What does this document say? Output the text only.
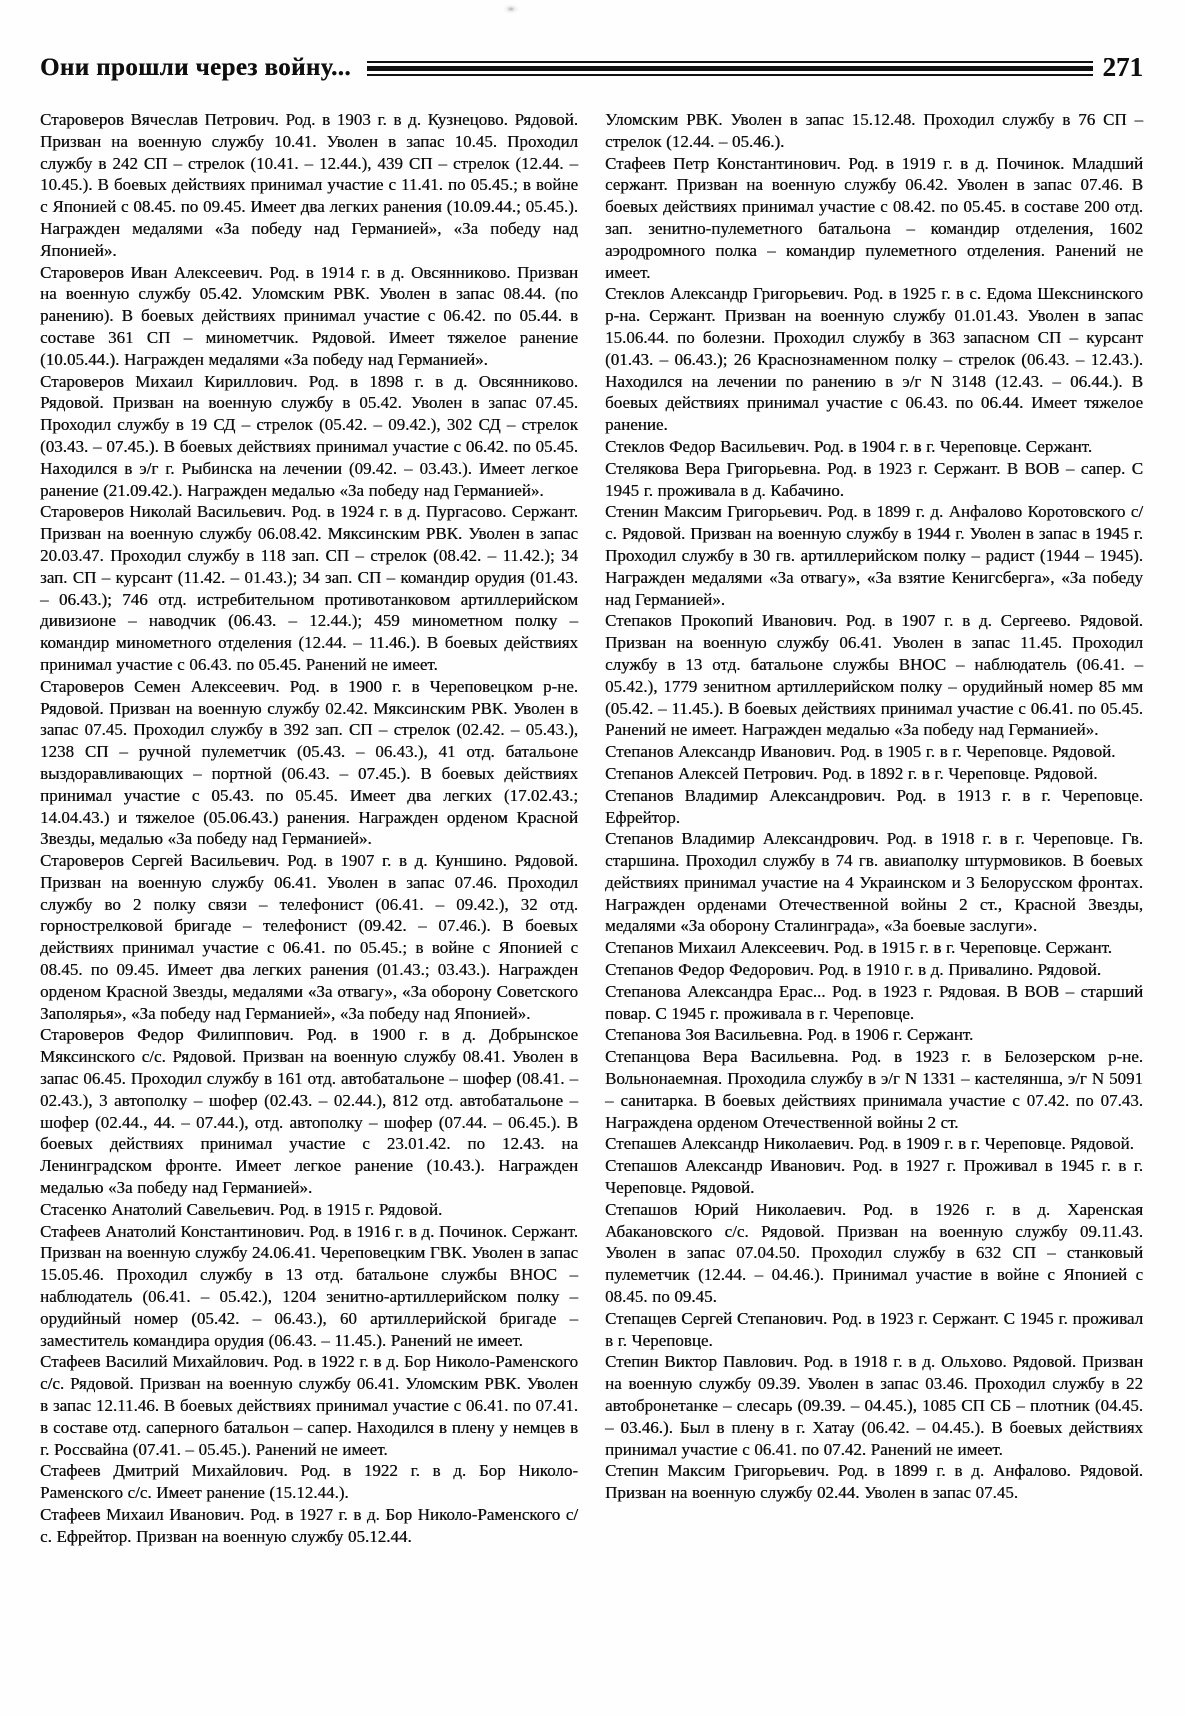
Они прошли через войну...	271

Староверов Вячеслав Петрович. Род. в 1903 г. в д. Кузнецово. Рядовой. Призван на военную службу 10.41. Уволен в запас 10.45. Проходил службу в 242 СП – стрелок (10.41. – 12.44.), 439 СП – стрелок (12.44. – 10.45.). В боевых действиях принимал участие с 11.41. по 05.45.; в войне с Японией с 08.45. по 09.45. Имеет два легких ранения (10.09.44.; 05.45.). Награжден медалями «За победу над Германией», «За победу над Японией».

Староверов Иван Алексеевич. Род. в 1914 г. в д. Овсянниково. Призван на военную службу 05.42. Уломским РВК. Уволен в запас 08.44. (по ранению). В боевых действиях принимал участие с 06.42. по 05.44. в составе 361 СП – минометчик. Рядовой. Имеет тяжелое ранение (10.05.44.). Награжден медалями «За победу над Германией».

Староверов Михаил Кириллович. Род. в 1898 г. в д. Овсянниково. Рядовой. Призван на военную службу в 05.42. Уволен в запас 07.45. Проходил службу в 19 СД – стрелок (05.42. – 09.42.), 302 СД – стрелок (03.43. – 07.45.). В боевых действиях принимал участие с 06.42. по 05.45. Находился в э/г г. Рыбинска на лечении (09.42. – 03.43.). Имеет легкое ранение (21.09.42.). Награжден медалью «За победу над Германией».

Староверов Николай Васильевич. Род. в 1924 г. в д. Пургасово. Сержант. Призван на военную службу 06.08.42. Мяксинским РВК. Уволен в запас 20.03.47. Проходил службу в 118 зап. СП – стрелок (08.42. – 11.42.); 34 зап. СП – курсант (11.42. – 01.43.); 34 зап. СП – командир орудия (01.43. – 06.43.); 746 отд. истребительном противотанковом артиллерийском дивизионе – наводчик (06.43. – 12.44.); 459 минометном полку – командир минометного отделения (12.44. – 11.46.). В боевых действиях принимал участие с 06.43. по 05.45. Ранений не имеет.

Староверов Семен Алексеевич. Род. в 1900 г. в Череповецком р-не. Рядовой. Призван на военную службу 02.42. Мяксинским РВК. Уволен в запас 07.45. Проходил службу в 392 зап. СП – стрелок (02.42. – 05.43.), 1238 СП – ручной пулеметчик (05.43. – 06.43.), 41 отд. батальоне выздоравливающих – портной (06.43. – 07.45.). В боевых действиях принимал участие с 05.43. по 05.45. Имеет два легких (17.02.43.; 14.04.43.) и тяжелое (05.06.43.) ранения. Награжден орденом Красной Звезды, медалью «За победу над Германией».

Староверов Сергей Васильевич. Род. в 1907 г. в д. Куншино. Рядовой. Призван на военную службу 06.41. Уволен в запас 07.46. Проходил службу во 2 полку связи – телефонист (06.41. – 09.42.), 32 отд. горнострелковой бригаде – телефонист (09.42. – 07.46.). В боевых действиях принимал участие с 06.41. по 05.45.; в войне с Японией с 08.45. по 09.45. Имеет два легких ранения (01.43.; 03.43.). Награжден орденом Красной Звезды, медалями «За отвагу», «За оборону Советского Заполярья», «За победу над Германией», «За победу над Японией».

Староверов Федор Филиппович. Род. в 1900 г. в д. Добрынское Мяксинского с/с. Рядовой. Призван на военную службу 08.41. Уволен в запас 06.45. Проходил службу в 161 отд. автобатальоне – шофер (08.41. – 02.43.), 3 автополку – шофер (02.43. – 02.44.), 812 отд. автобатальоне – шофер (02.44., 44. – 07.44.), отд. автополку – шофер (07.44. – 06.45.). В боевых действиях принимал участие с 23.01.42. по 12.43. на Ленинградском фронте. Имеет легкое ранение (10.43.). Награжден медалью «За победу над Германией».

Стасенко Анатолий Савельевич. Род. в 1915 г. Рядовой.

Стафеев Анатолий Константинович. Род. в 1916 г. в д. Починок. Сержант. Призван на военную службу 24.06.41. Череповецким ГВК. Уволен в запас 15.05.46. Проходил службу в 13 отд. батальоне службы ВНОС – наблюдатель (06.41. – 05.42.), 1204 зенитно-артиллерийском полку – орудийный номер (05.42. – 06.43.), 60 артиллерийской бригаде – заместитель командира орудия (06.43. – 11.45.). Ранений не имеет.

Стафеев Василий Михайлович. Род. в 1922 г. в д. Бор Николо-Раменского с/с. Рядовой. Призван на военную службу 06.41. Уломским РВК. Уволен в запас 12.11.46. В боевых действиях принимал участие с 06.41. по 07.41. в составе отд. саперного батальон – сапер. Находился в плену у немцев в г. Россвайна (07.41. – 05.45.). Ранений не имеет.

Стафеев Дмитрий Михайлович. Род. в 1922 г. в д. Бор Николо-Раменского с/с. Имеет ранение (15.12.44.).

Стафеев Михаил Иванович. Род. в 1927 г. в д. Бор Николо-Раменского с/с. Ефрейтор. Призван на военную службу 05.12.44.

Уломским РВК. Уволен в запас 15.12.48. Проходил службу в 76 СП – стрелок (12.44. – 05.46.).

Стафеев Петр Константинович. Род. в 1919 г. в д. Починок. Младший сержант. Призван на военную службу 06.42. Уволен в запас 07.46. В боевых действиях принимал участие с 08.42. по 05.45. в составе 200 отд. зап. зенитно-пулеметного батальона – командир отделения, 1602 аэродромного полка – командир пулеметного отделения. Ранений не имеет.

Стеклов Александр Григорьевич. Род. в 1925 г. в с. Едома Шекснинского р-на. Сержант. Призван на военную службу 01.01.43. Уволен в запас 15.06.44. по болезни. Проходил службу в 363 запасном СП – курсант (01.43. – 06.43.); 26 Краснознаменном полку – стрелок (06.43. – 12.43.). Находился на лечении по ранению в э/г N 3148 (12.43. – 06.44.). В боевых действиях принимал участие с 06.43. по 06.44. Имеет тяжелое ранение.

Стеклов Федор Васильевич. Род. в 1904 г. в г. Череповце. Сержант.

Стелякова Вера Григорьевна. Род. в 1923 г. Сержант. В ВОВ – сапер. С 1945 г. проживала в д. Кабачино.

Стенин Максим Григорьевич. Род. в 1899 г. д. Анфалово Коротовского с/с. Рядовой. Призван на военную службу в 1944 г. Уволен в запас в 1945 г. Проходил службу в 30 гв. артиллерийском полку – радист (1944 – 1945). Награжден медалями «За отвагу», «За взятие Кенигсберга», «За победу над Германией».

Степаков Прокопий Иванович. Род. в 1907 г. в д. Сергеево. Рядовой. Призван на военную службу 06.41. Уволен в запас 11.45. Проходил службу в 13 отд. батальоне службы ВНОС – наблюдатель (06.41. – 05.42.), 1779 зенитном артиллерийском полку – орудийный номер 85 мм (05.42. – 11.45.). В боевых действиях принимал участие с 06.41. по 05.45. Ранений не имеет. Награжден медалью «За победу над Германией».

Степанов Александр Иванович. Род. в 1905 г. в г. Череповце. Рядовой.

Степанов Алексей Петрович. Род. в 1892 г. в г. Череповце. Рядовой.

Степанов Владимир Александрович. Род. в 1913 г. в г. Череповце. Ефрейтор.

Степанов Владимир Александрович. Род. в 1918 г. в г. Череповце. Гв. старшина. Проходил службу в 74 гв. авиаполку штурмовиков. В боевых действиях принимал участие на 4 Украинском и 3 Белорусском фронтах. Награжден орденами Отечественной войны 2 ст., Красной Звезды, медалями «За оборону Сталинграда», «За боевые заслуги».

Степанов Михаил Алексеевич. Род. в 1915 г. в г. Череповце. Сержант.

Степанов Федор Федорович. Род. в 1910 г. в д. Привалино. Рядовой.

Степанова Александра Ерас... Род. в 1923 г. Рядовая. В ВОВ – старший повар. С 1945 г. проживала в г. Череповце.

Степанова Зоя Васильевна. Род. в 1906 г. Сержант.

Степанцова Вера Васильевна. Род. в 1923 г. в Белозерском р-не. Вольнонаемная. Проходила службу в э/г N 1331 – кастелянша, э/г N 5091 – санитарка. В боевых действиях принимала участие с 07.42. по 07.43. Награждена орденом Отечественной войны 2 ст.

Степашев Александр Николаевич. Род. в 1909 г. в г. Череповце. Рядовой.

Степашов Александр Иванович. Род. в 1927 г. Проживал в 1945 г. в г. Череповце. Рядовой.

Степашов Юрий Николаевич. Род. в 1926 г. в д. Харенская Абакановского с/с. Рядовой. Призван на военную службу 09.11.43. Уволен в запас 07.04.50. Проходил службу в 632 СП – станковый пулеметчик (12.44. – 04.46.). Принимал участие в войне с Японией с 08.45. по 09.45.

Степащев Сергей Степанович. Род. в 1923 г. Сержант. С 1945 г. проживал в г. Череповце.

Степин Виктор Павлович. Род. в 1918 г. в д. Ольхово. Рядовой. Призван на военную службу 09.39. Уволен в запас 03.46. Проходил службу в 22 автобронетанке – слесарь (09.39. – 04.45.), 1085 СП СБ – плотник (04.45. – 03.46.). Был в плену в г. Хатау (06.42. – 04.45.). В боевых действиях принимал участие с 06.41. по 07.42. Ранений не имеет.

Степин Максим Григорьевич. Род. в 1899 г. в д. Анфалово. Рядовой. Призван на военную службу 02.44. Уволен в запас 07.45.
